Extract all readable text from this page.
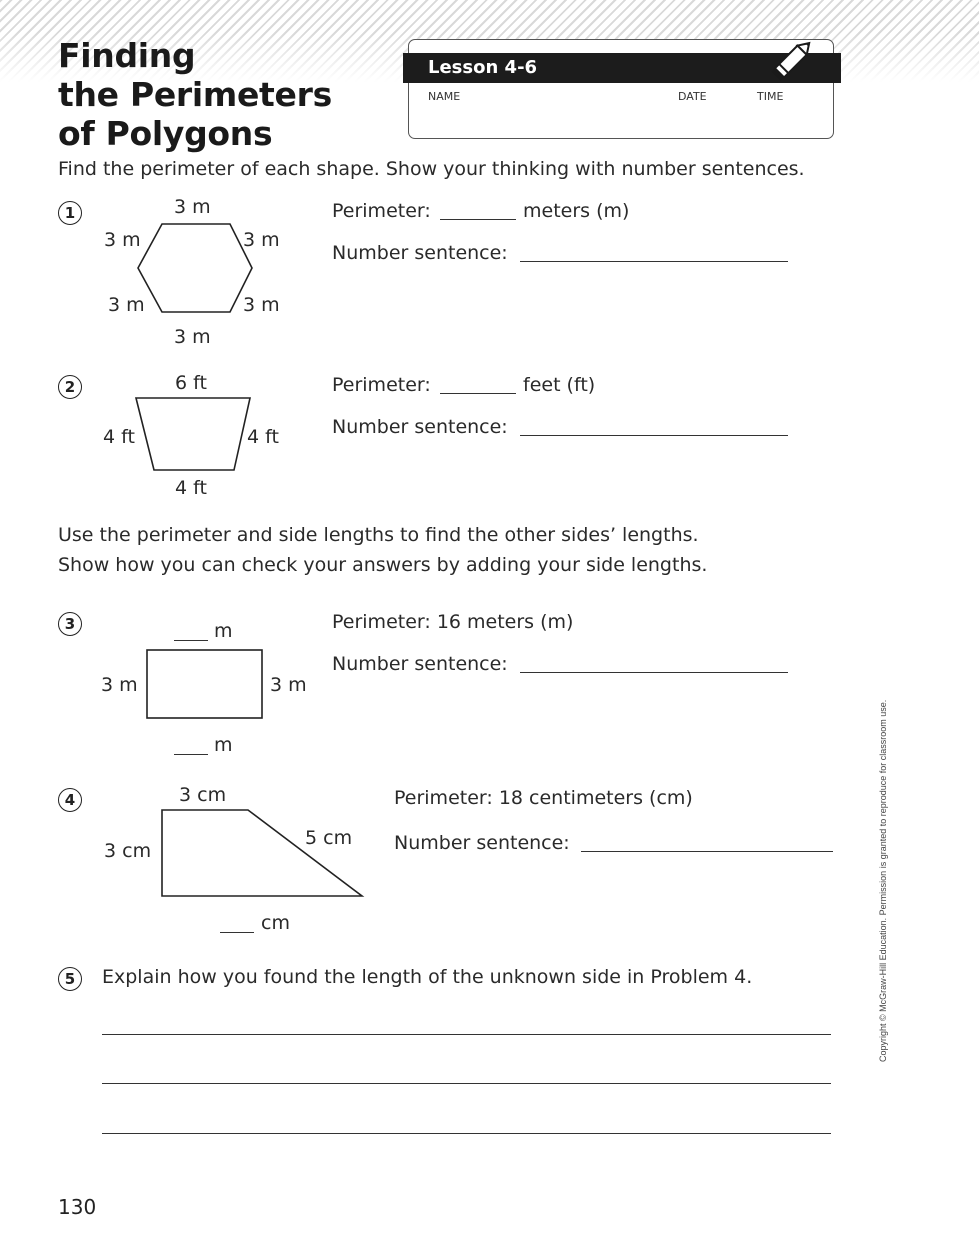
Finding
the Perimeters
of Polygons
Lesson 4-6
NAME	DATE	TIME
Find the perimeter of each shape. Show your thinking with number sentences.
1	3 m
3 m	3 m
3 m	3 m
3 m
Perimeter:	meters (m)
Number sentence:
2	6 ft
4 ft	4 ft
4 ft
Perimeter:	feet (ft)
Number sentence:
Use the perimeter and side lengths to find the other sides’ lengths.
Show how you can check your answers by adding your side lengths.
3	m
3 m	3 m
m
Perimeter: 16 meters (m)
Number sentence:
4	3 cm
3 cm
5 cm
cm
Perimeter: 18 centimeters (cm)
Number sentence:
5	Explain how you found the length of the unknown side in Problem 4.	Copyright © McGraw-Hill Education. Permission is granted to reproduce for classroom use.
130
